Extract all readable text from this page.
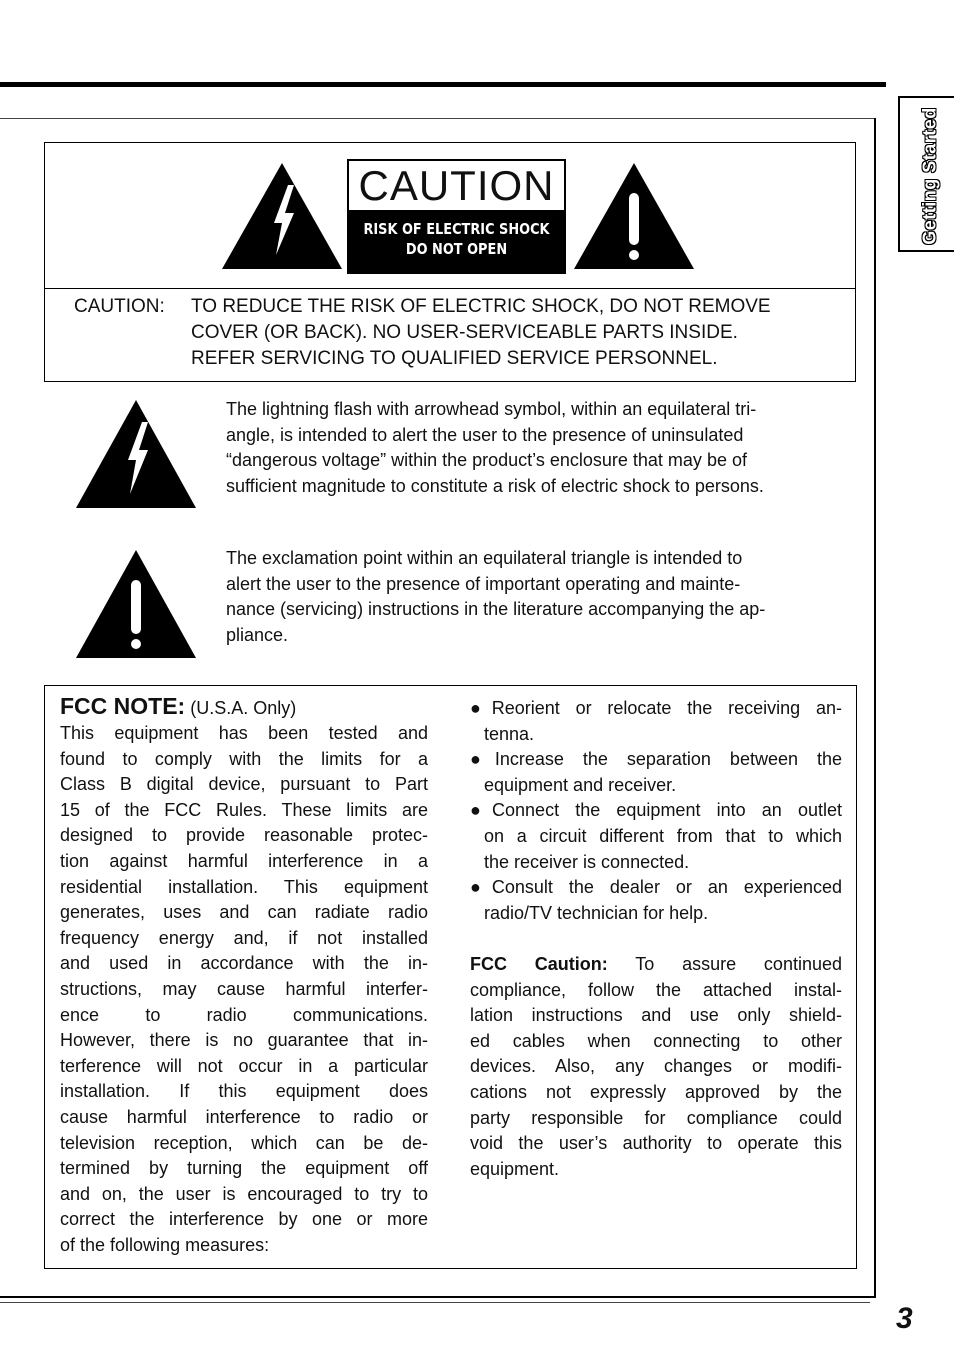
Getting Started
CAUTION
RISK OF ELECTRIC SHOCK
DO NOT OPEN
CAUTION: TO REDUCE THE RISK OF ELECTRIC SHOCK, DO NOT REMOVE
COVER (OR BACK). NO USER-SERVICEABLE PARTS INSIDE.
REFER SERVICING TO QUALIFIED SERVICE PERSONNEL.
The lightning flash with arrowhead symbol, within an equilateral tri-
angle, is intended to alert the user to the presence of uninsulated
“dangerous voltage” within the product’s enclosure that may be of
sufficient magnitude to constitute a risk of electric shock to persons.
The exclamation point within an equilateral triangle is intended to
alert the user to the presence of important operating and mainte-
nance (servicing) instructions in the literature accompanying the ap-
pliance.
FCC NOTE: (U.S.A. Only)
This equipment has been tested and
found to comply with the limits for a
Class B digital device, pursuant to Part
15 of the FCC Rules. These limits are
designed to provide reasonable protec-
tion against harmful interference in a
residential installation. This equipment
generates, uses and can radiate radio
frequency energy and, if not installed
and used in accordance with the in-
structions, may cause harmful interfer-
ence to radio communications.
However, there is no guarantee that in-
terference will not occur in a particular
installation. If this equipment does
cause harmful interference to radio or
television reception, which can be de-
termined by turning the equipment off
and on, the user is encouraged to try to
correct the interference by one or more
of the following measures:
●Reorient or relocate the receiving an-
tenna.
●Increase the separation between the
equipment and receiver.
●Connect the equipment into an outlet
on a circuit different from that to which
the receiver is connected.
●Consult the dealer or an experienced
radio/TV technician for help.

FCC Caution: To assure continued
compliance, follow the attached instal-
lation instructions and use only shield-
ed cables when connecting to other
devices. Also, any changes or modifi-
cations not expressly approved by the
party responsible for compliance could
void the user’s authority to operate this
equipment.
3
